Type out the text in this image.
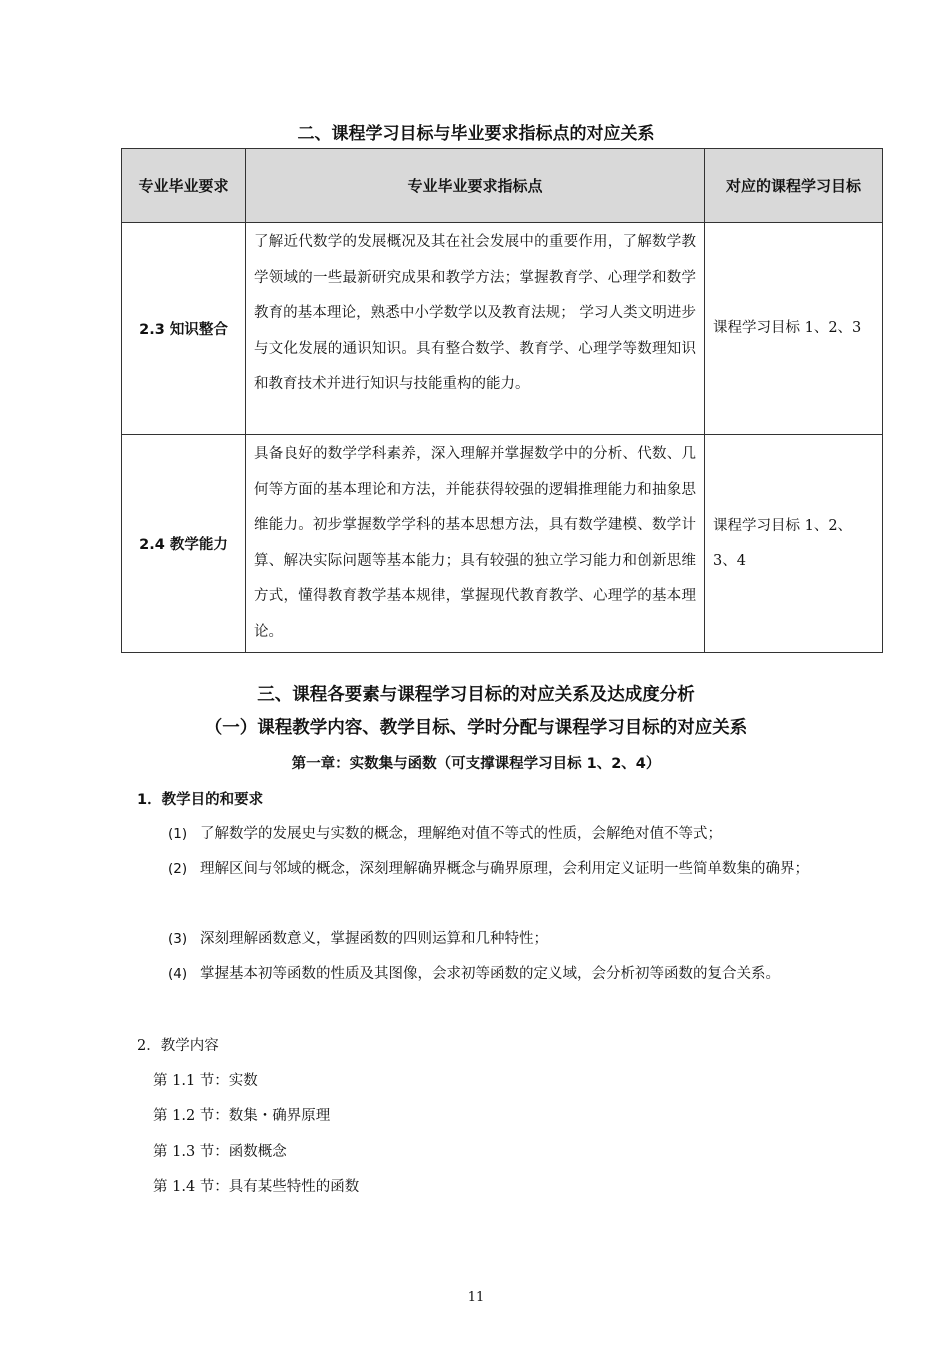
二、课程学习目标与毕业要求指标点的对应关系
专业毕业要求	专业毕业要求指标点	对应的课程学习目标
2.3 知识整合	了解近代数学的发展概况及其在社会发展中的重要作用，了解数学教学领域的一些最新研究成果和教学方法；掌握教育学、心理学和数学教育的基本理论，熟悉中小学数学以及教育法规； 学习人类文明进步与文化发展的通识知识。具有整合数学、教育学、心理学等数理知识和教育技术并进行知识与技能重构的能力。	课程学习目标 1、2、3
2.4 教学能力	具备良好的数学学科素养，深入理解并掌握数学中的分析、代数、几何等方面的基本理论和方法，并能获得较强的逻辑推理能力和抽象思维能力。初步掌握数学学科的基本思想方法，具有数学建模、数学计算、解决实际问题等基本能力；具有较强的独立学习能力和创新思维方式，懂得教育教学基本规律，掌握现代教育教学、心理学的基本理论。	课程学习目标 1、2、3、4
三、课程各要素与课程学习目标的对应关系及达成度分析
（一）课程教学内容、教学目标、学时分配与课程学习目标的对应关系
第一章：实数集与函数（可支撑课程学习目标 1、2、4）
1．教学目的和要求
(1) 了解数学的发展史与实数的概念，理解绝对值不等式的性质，会解绝对值不等式；
(2) 理解区间与邻域的概念，深刻理解确界概念与确界原理，会利用定义证明一些简单数集的确界；
(3) 深刻理解函数意义，掌握函数的四则运算和几种特性；
(4) 掌握基本初等函数的性质及其图像，会求初等函数的定义域，会分析初等函数的复合关系。
2．教学内容
第 1.1 节：实数
第 1.2 节：数集・确界原理
第 1.3 节：函数概念
第 1.4 节：具有某些特性的函数
11
